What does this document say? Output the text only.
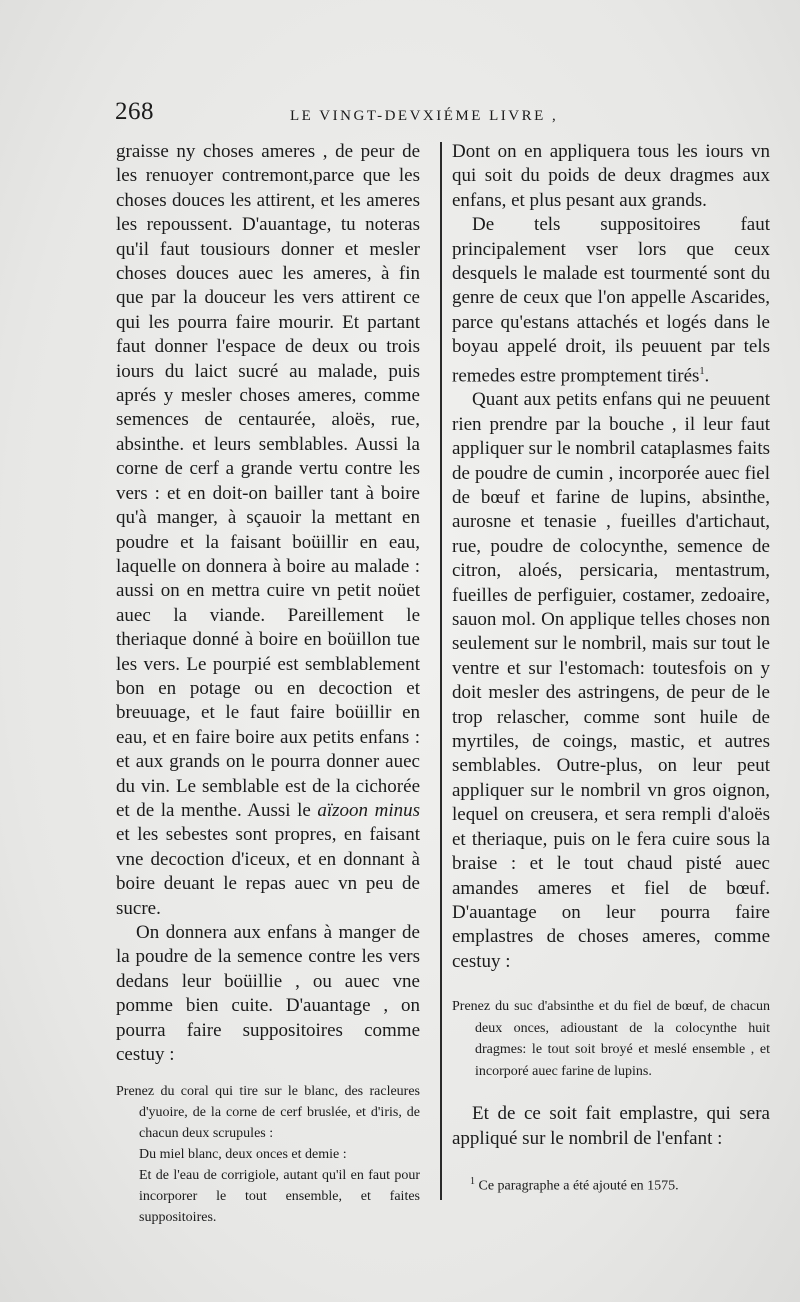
268	LE VINGT-DEVXIÉME LIVRE ,

graisse ny choses ameres , de peur de les renuoyer contremont,parce que les choses douces les attirent, et les ameres les repoussent. D'auantage, tu noteras qu'il faut tousiours donner et mesler choses douces auec les ameres, à fin que par la douceur les vers attirent ce qui les pourra faire mourir. Et partant faut donner l'espace de deux ou trois iours du laict sucré au malade, puis aprés y mesler choses ameres, comme semences de centaurée, aloës, rue, absinthe. et leurs semblables. Aussi la corne de cerf a grande vertu contre les vers : et en doit-on bailler tant à boire qu'à manger, à sçauoir la mettant en poudre et la faisant boüillir en eau, laquelle on donnera à boire au malade : aussi on en mettra cuire vn petit noüet auec la viande. Pareillement le theriaque donné à boire en boüillon tue les vers. Le pourpié est semblablement bon en potage ou en decoction et breuuage, et le faut faire boüillir en eau, et en faire boire aux petits enfans : et aux grands on le pourra donner auec du vin. Le semblable est de la cichorée et de la menthe. Aussi le aïzoon minus et les sebestes sont propres, en faisant vne decoction d'iceux, et en donnant à boire deuant le repas auec vn peu de sucre.

On donnera aux enfans à manger de la poudre de la semence contre les vers dedans leur boüillie , ou auec vne pomme bien cuite. D'auantage , on pourra faire suppositoires comme cestuy :

Prenez du coral qui tire sur le blanc, des racleures d'yuoire, de la corne de cerf bruslée, et d'iris, de chacun deux scrupules :

Du miel blanc, deux onces et demie :

Et de l'eau de corrigiole, autant qu'il en faut pour incorporer le tout ensemble, et faites suppositoires.

Dont on en appliquera tous les iours vn qui soit du poids de deux dragmes aux enfans, et plus pesant aux grands.

De tels suppositoires faut principalement vser lors que ceux desquels le malade est tourmenté sont du genre de ceux que l'on appelle Ascarides, parce qu'estans attachés et logés dans le boyau appelé droit, ils peuuent par tels remedes estre promptement tirés$^1$.

Quant aux petits enfans qui ne peuuent rien prendre par la bouche , il leur faut appliquer sur le nombril cataplasmes faits de poudre de cumin , incorporée auec fiel de bœuf et farine de lupins, absinthe, aurosne et tenasie , fueilles d'artichaut, rue, poudre de colocynthe, semence de citron, aloés, persicaria, mentastrum, fueilles de perfiguier, costamer, zedoaire, sauon mol. On applique telles choses non seulement sur le nombril, mais sur tout le ventre et sur l'estomach: toutesfois on y doit mesler des astringens, de peur de le trop relascher, comme sont huile de myrtiles, de coings, mastic, et autres semblables. Outre-plus, on leur peut appliquer sur le nombril vn gros oignon, lequel on creusera, et sera rempli d'aloës et theriaque, puis on le fera cuire sous la braise : et le tout chaud pisté auec amandes ameres et fiel de bœuf. D'auantage on leur pourra faire emplastres de choses ameres, comme cestuy :

Prenez du suc d'absinthe et du fiel de bœuf, de chacun deux onces, adioustant de la colocynthe huit dragmes: le tout soit broyé et meslé ensemble , et incorporé auec farine de lupins.

Et de ce soit fait emplastre, qui sera appliqué sur le nombril de l'enfant :

$^1$ Ce paragraphe a été ajouté en 1575.
